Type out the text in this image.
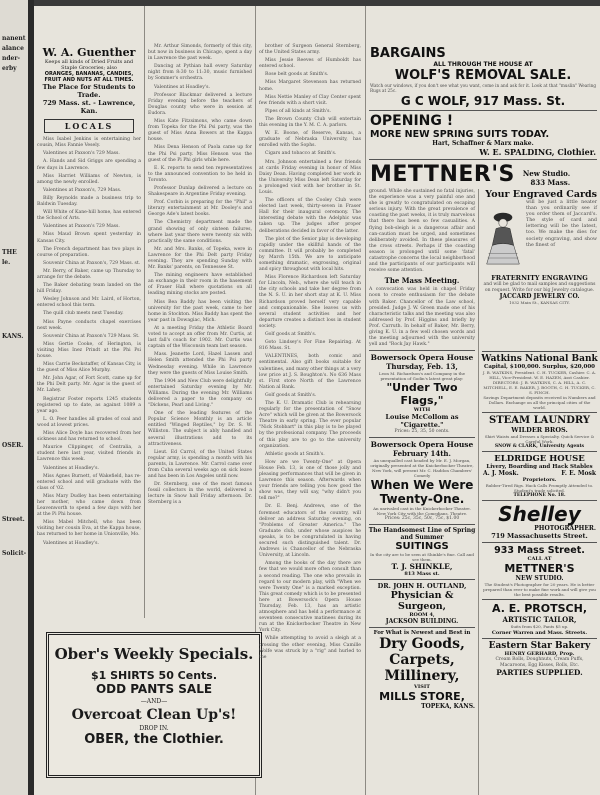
nanent
alance
nder-
erby
THE
le.
KANS.
OSER.
Street.
Solicit-
W. A. Guenther
Keeps all kinds of Dried Fruits and Staple Groceries; also
ORANGES, BANANAS, CANDIES, FRUIT AND NUTS AT ALL TIMES.
The Place for Students to Trade.
729 Mass. st. - Lawrence, Kan.
LOCALS

Miss Isabel Jenkins is entertaining her cousin, Miss Fannie Vesely.

Valentines at Paxson's 729 Mass.

A. Hands and Sid Griggs are spending a few days in Lawrence.

Miss Harriet Williams of Newton, is among the newly enrolled.

Valentines at Paxson's, 729 Mass.

Billy Reynolds made a business trip to Baldwin Tuesday.

Will White of Kane-hill home, has entered the School of Arts.

Valentines at Paxson's 729 Mass.

Miss Maud Brown spent yesterday in Kansas City.

The French department has two plays in course of preparation.

Souvenir China at Paxson's, 729 Mass. st.

Mr. Berry, of Baker, came up Thursday to arrange for the debate.

The Baker debating team landed on the hill Friday.

Wesley Johnson and Mr. Laird, of Horton, entered school this term.

The quill club meets next Tuesday.

Miss Payne conducts chapel exercises next week.

Souvenir China at Paxson's 729 Mass. St.

Miss Gertie Cooke, of Herington, is visiting Miss Inez Prindt at the Phi Psi house.

Miss Carrie Beckstaffer, of Kansas City, is the guest of Miss Alice Murphy.

Mr. John Agar, of Fort Scott, came up for the Phi Delt party. Mr. Agar is the guest of Mr. Lahey.

Registrar Foster reports 1245 students registered up to date, as against 1089 a year ago.

L. O. Peer handles all grades of coal and wood at lowest prices.

Miss Alice Doyle has recovered from her sickness and has returned to school.

Maurice Clippinger, of Centralia, a student here last year, visited friends in Lawrence this week.

Valentines at Hoadley's.

Miss Agnes Burnett, of Wakefield, has re-entered school and will graduate with the class of '02.

Miss Mary Dudley has been entertaining her mother, who came down from Leavenworth to spend a few days with her at the Pi Phi house.

Miss Mabel Mitchell, who has been visiting her cousin Eva, at the Kappa house, has returned to her home in Unionville, Mo.

Valentines at Hoadley's.

Mr. Arthur Simonds, formerly of this city, but now in business in Chicago, spent a day in Lawrence the past week.

Dancing at Pythian hall every Saturday night from 8:30 to 11:30, music furnished by Sommer's orchestra.

Valentines at Hoadley's.

Professor Blackmar delivered a lecture Friday evening before the teachers of Douglas county who were in session at Eudora.

Miss Kate Fitzsimons, who came down from Topeka for the Phi Psi party, was the guest of Miss Anna Bowers at the Kappa house.

Miss Dena Henson of Paola came up for the Phi Psi party. Miss Henson was the guest of the Pi Phi girls while here.

E. K. reports to send ten representatives to the announced convention to be held in Toronto.

Professor Dunlap delivered a lecture on Shakespeare in Argentine Friday evening.

Prof. Corbin is preparing for the "Phil" a literary entertainment at Mr. Dooley's and George Ade's latest books.

The Chemistry department made the grand showing of only sixteen failures, where last year there were twenty six with practically the same conditions.

Mr. and Mrs. Banks, of Topeka, were in Lawrence for the Phi Delt party Friday evening. They are spending Sunday with Mr. Banks' parents, on Tennessee St.

The mining engineers have established an exchange in their room in the basement of Fraser Hall where quotations on all leading mining stocks are posted.

Miss Bea Baddy has been visiting the university for the past week, came to her home in Stockton. Miss Baddy has spent the year past in Dowagiac, Mich.

At a meeting Friday the Athletic Board voted to accept an offer from Mr. Curtis, at last fall's coach for 1902. Mr. Curtis was captain of the Wisconsin team last season.

Mass. Jeanette Lord, Hazel Lassen and Helen Smith attended the Phi Psi party Wednesday evening. While in Lawrence they were the guests of Miss Louise Smith.

The 1904 and New Club were delightfully entertained Saturday evening by Mr. Williams. During the evening Mr. Williams delivered a paper to the company on "Dickens, Pearl and Living."

One of the leading features of the Popular Science Monthly is an article entitled "Winged Reptiles," by Dr. S. W. Williston. The subject is ably handled and several illustrations add to its attractiveness.

Lieut. Ed Carrol, of the United States regular army, is spending a month with his parents, in Lawrence. Mr. Carrol came over from Cuba several weeks ago on sick leave and has been in Los Angeles until now.

Dr. Sternberg, one of the most famous fossil collectors in the world, delivered a lecture in Snow hall Friday afternoon. Dr. Sternberg is a

Ober's Weekly Specials.
$1 SHIRTS 50 Cents.
ODD PANTS SALE
—AND—
Overcoat Clean Up's!
DROP IN.
OBER, the Clothier.

brother of Surgeon General Sternberg, of the United States army.

Miss Jessie Reeves of Humboldt has entered school.

Rose belt goods at Smith's.

Miss Margaret Stevenson has returned home.

Miss Nettie Manley of Clay Center spent few friends with a short visit.

Pipes of all kinds at Smith's.

The Brown County Club will entertain this evening in the Y. M. C. A. parlors.

W. E. Boone, of Reserve, Kansas, a graduate of Nebraska University, has enrolled with the Sophs.

Cigars and tobacco at Smith's.

Mrs. Johnson entertained a few friends at cards Friday evening in honor of Miss Daisy Dean. Having completed her work in the University Miss Dean left Saturday for a prolonged visit with her brother in St. Louis.

The officers of the Cooley Club were elected last week, thirty-seven in Fraser Hall for their inaugural ceremony. The interesting debate with the Adelphic was taken up. The judges after proper deliberations decided in favor of the latter.

The plot of the Senior play is developing rapidly under the skillful hands of the committee. It will probably be completed by March 15th. We are to anticipate something dramatic, engrossing, original and spicy throughout with local hits.

Miss Florence Richardson left Saturday for Lincoln, Neb., where she will teach in the city schools and take her degree from the N. S. U. in her short stay at K. U. Miss Richardson proved herself very capable and companionable. She leaves us with several student activities and her departure creates a distinct loss in student society.

Golf goods at Smith's.

Goto Lindsey's For Fine Repairing. At 816 Mass. St.

VALENTINES, both comic and sentimental. Also gift books suitable for valentines, and many other things at a very low price at J. S. Boughton's. No 636 Mass st. First store North of the Lawrence Nation al Bank.

Golf goods at Smith's.

The K. U. Dramatic Club is rehearsing regularly for the presentation of "Snow Acre" which will be given at the Bowersock Theatre in early spring. The ever popular "Nick Stobbart" in this play is to be played by the professional company. The proceeds of this play are to go to the university organization.

Athletic goods at Smith's.

How are we Twenty-One" at Opera House Feb. 13, is one of those jolly and pleasing performances that will be given in Lawrence this season. Afterwards when your friends are telling you how good the show was, they will say, "why didn't you tell me?"

Dr. E. Benj. Andrews, one of the foremost educators of the country, will deliver an address Saturday evening, on "Problems of Greater America." The Graduate club, under whose auspices he speaks, is to be congratulated in having secured such distinguished talent. Dr. Andrews is Chancellor of the Nebraska University, at Lincoln.

Among the books of the day there are few that we would more often consult than a second reading. The one who prevails in regard to our modern play, with "When we were Twenty One" is a marked exception. This great comedy which is to be presented here at Bowersock's Opera House Thursday, Feb. 13, has an artistic atmosphere and has held a performance at seventeen consecutive matinees during its run at the Knickerbocker Theatre in New York City.

While attempting to avoid a sleigh at a crossing the other evening, Miss Camille Wolfe was struck by a "rig" and hurled to the

BARGAINS
ALL THROUGH THE HOUSE AT
WOLF'S REMOVAL SALE.
Watch our windows, if you don't see what you want, come in and ask for it. Look at that "muslin" Wearing Rugs at 25c.
G C WOLF, 917 Mass. St.
OPENING !
MORE NEW SPRING SUITS TODAY.
Hart, Schaffner & Marx make.
W. E. SPALDING, Clothier.
METTNER'S New Studio.
833 Mass.
ground. While she sustained no fatal injuries, the experience was a very painful one and she is greatly to congratulated on escaping serious injury. With the great prevalence of coasting the past weeks, it is truly marvelous that there has been so few casualities. A flying bob-sleigh is a dangerous affair and can-caution must be urged, and sometimes deliberately avoided. In these pleasures of the cross streets. Perhaps if the coasting season is prolonged until some 'fatal' catastrophe concerns the local neighborhood and the participants of our participants will receive some attention.
The Mass Meeting.
A convocation was held in chapel Friday noon to create enthusiasm for the debate with Baker. Chancellor of the Law school, presided. Judge J. W. Green made one of his characteristic talks and the meeting was also addressed by Prof. Higgins and briefly by Prof. Carruth. In behalf of Baker, Mr. Berry, giving K. U. in a few well chosen words and the meeting adjourned with the university yell and "Rock Jay Hawk."
Bowersock Opera House
Thursday, Feb. 13,
Leon M. Richardson's and Company in the presentation of Godin's latest great play:
"Under Two Flags,"
WITH
Louise McCollom as "Cigarette."
Prices: 25, 35, 50 cents.
Bowersock Opera House
February 14th.
An unequalled cast headed by Mr. E. J. Morgan, originally presented at the Knickerbocker Theatre, New York, will present Mr. C. Haddon Chambers' Comedy
When We Were Twenty-One.
An unrivaled cast in the Knickerbocker Theatre. New York City with the Comedians. Theatre.
Prices: 25c, 35c, 50c, 75c, $1.00
The Handsomest Line of Spring and Summer
SUITINGS
In the city are to be seen at Shinkle's fine. Call and see them.
T. J. SHINKLE,
813 Mass st.
DR. JOHN H. OUTLAND,
Physician & Surgeon,
ROOM 4,
JACKSON BUILDING.
For What is Newest and Best in
Dry Goods,
Carpets,
Millinery,
VISIT
MILLS STORE,
TOPEKA, KANS.
Your Engraved Cards
will be just a little neater than you ordinarily see if you order them of Jaccard's. The style of card and lettering will be the latest, too. We make the dies for society engraving, and show the finest of
FRATERNITY ENGRAVING
and will be glad to mail samples and suggestions on request. Write for our big Jewelry catalogue.
JACCARD JEWELRY CO.
1032 Main St., KANSAS CITY.
Watkins National Bank
Capital, $100,000. Surplus, $20,000
J. B. WATKINS, President. C. H. TUCKER, Cashier. C. A. HILL, Vice-President. W. E. HAZEN, Asst Cashier.
DIRECTORS: J. B. WATKINS, C. A. HILL, A. C. MITCHELL, E. E. BAKER, J. BOOTH, C. H. TUCKER, C. S. FINCH.
Savings Department deposits received in Numbers and Dollars. Exchange on all the principal cities of the world.
STEAM LAUNDRY
WILDER BROS.
Shirt Waists and Dresses a Specialty. Quick Service & Careful Work.
SNOW & CLARK, University Agents
ELDRIDGE HOUSE
Livery, Boarding and Hack Stables
A. J. Mosk.	F. E. Mosk
Proprietors.
Rubber-Tired Rigs. Hack Calls Promptly Attended to. Student's trade solicited.
TELEPHONE No. 18.
Shelley
PHOTOGRAPHER.
719 Massachusetts Street.
933 Mass Street.
CALL AT
METTNER'S
NEW STUDIO.
The Student's Photographer for 20 years. He is better prepared than ever to make fine work and will give you the best possible results.
A. E. PROTSCH,
ARTISTIC TAILOR,
Suits from $20, Pants $5 up.
Corner Warren and Mass. Streets.
Eastern Star Bakery
HENRY GERHARD, Prop.
Cream Rolls, Doughnuts, Cream Puffs, Macaroons, Egg Kisses, Rolls, Etc.
PARTIES SUPPLIED.
